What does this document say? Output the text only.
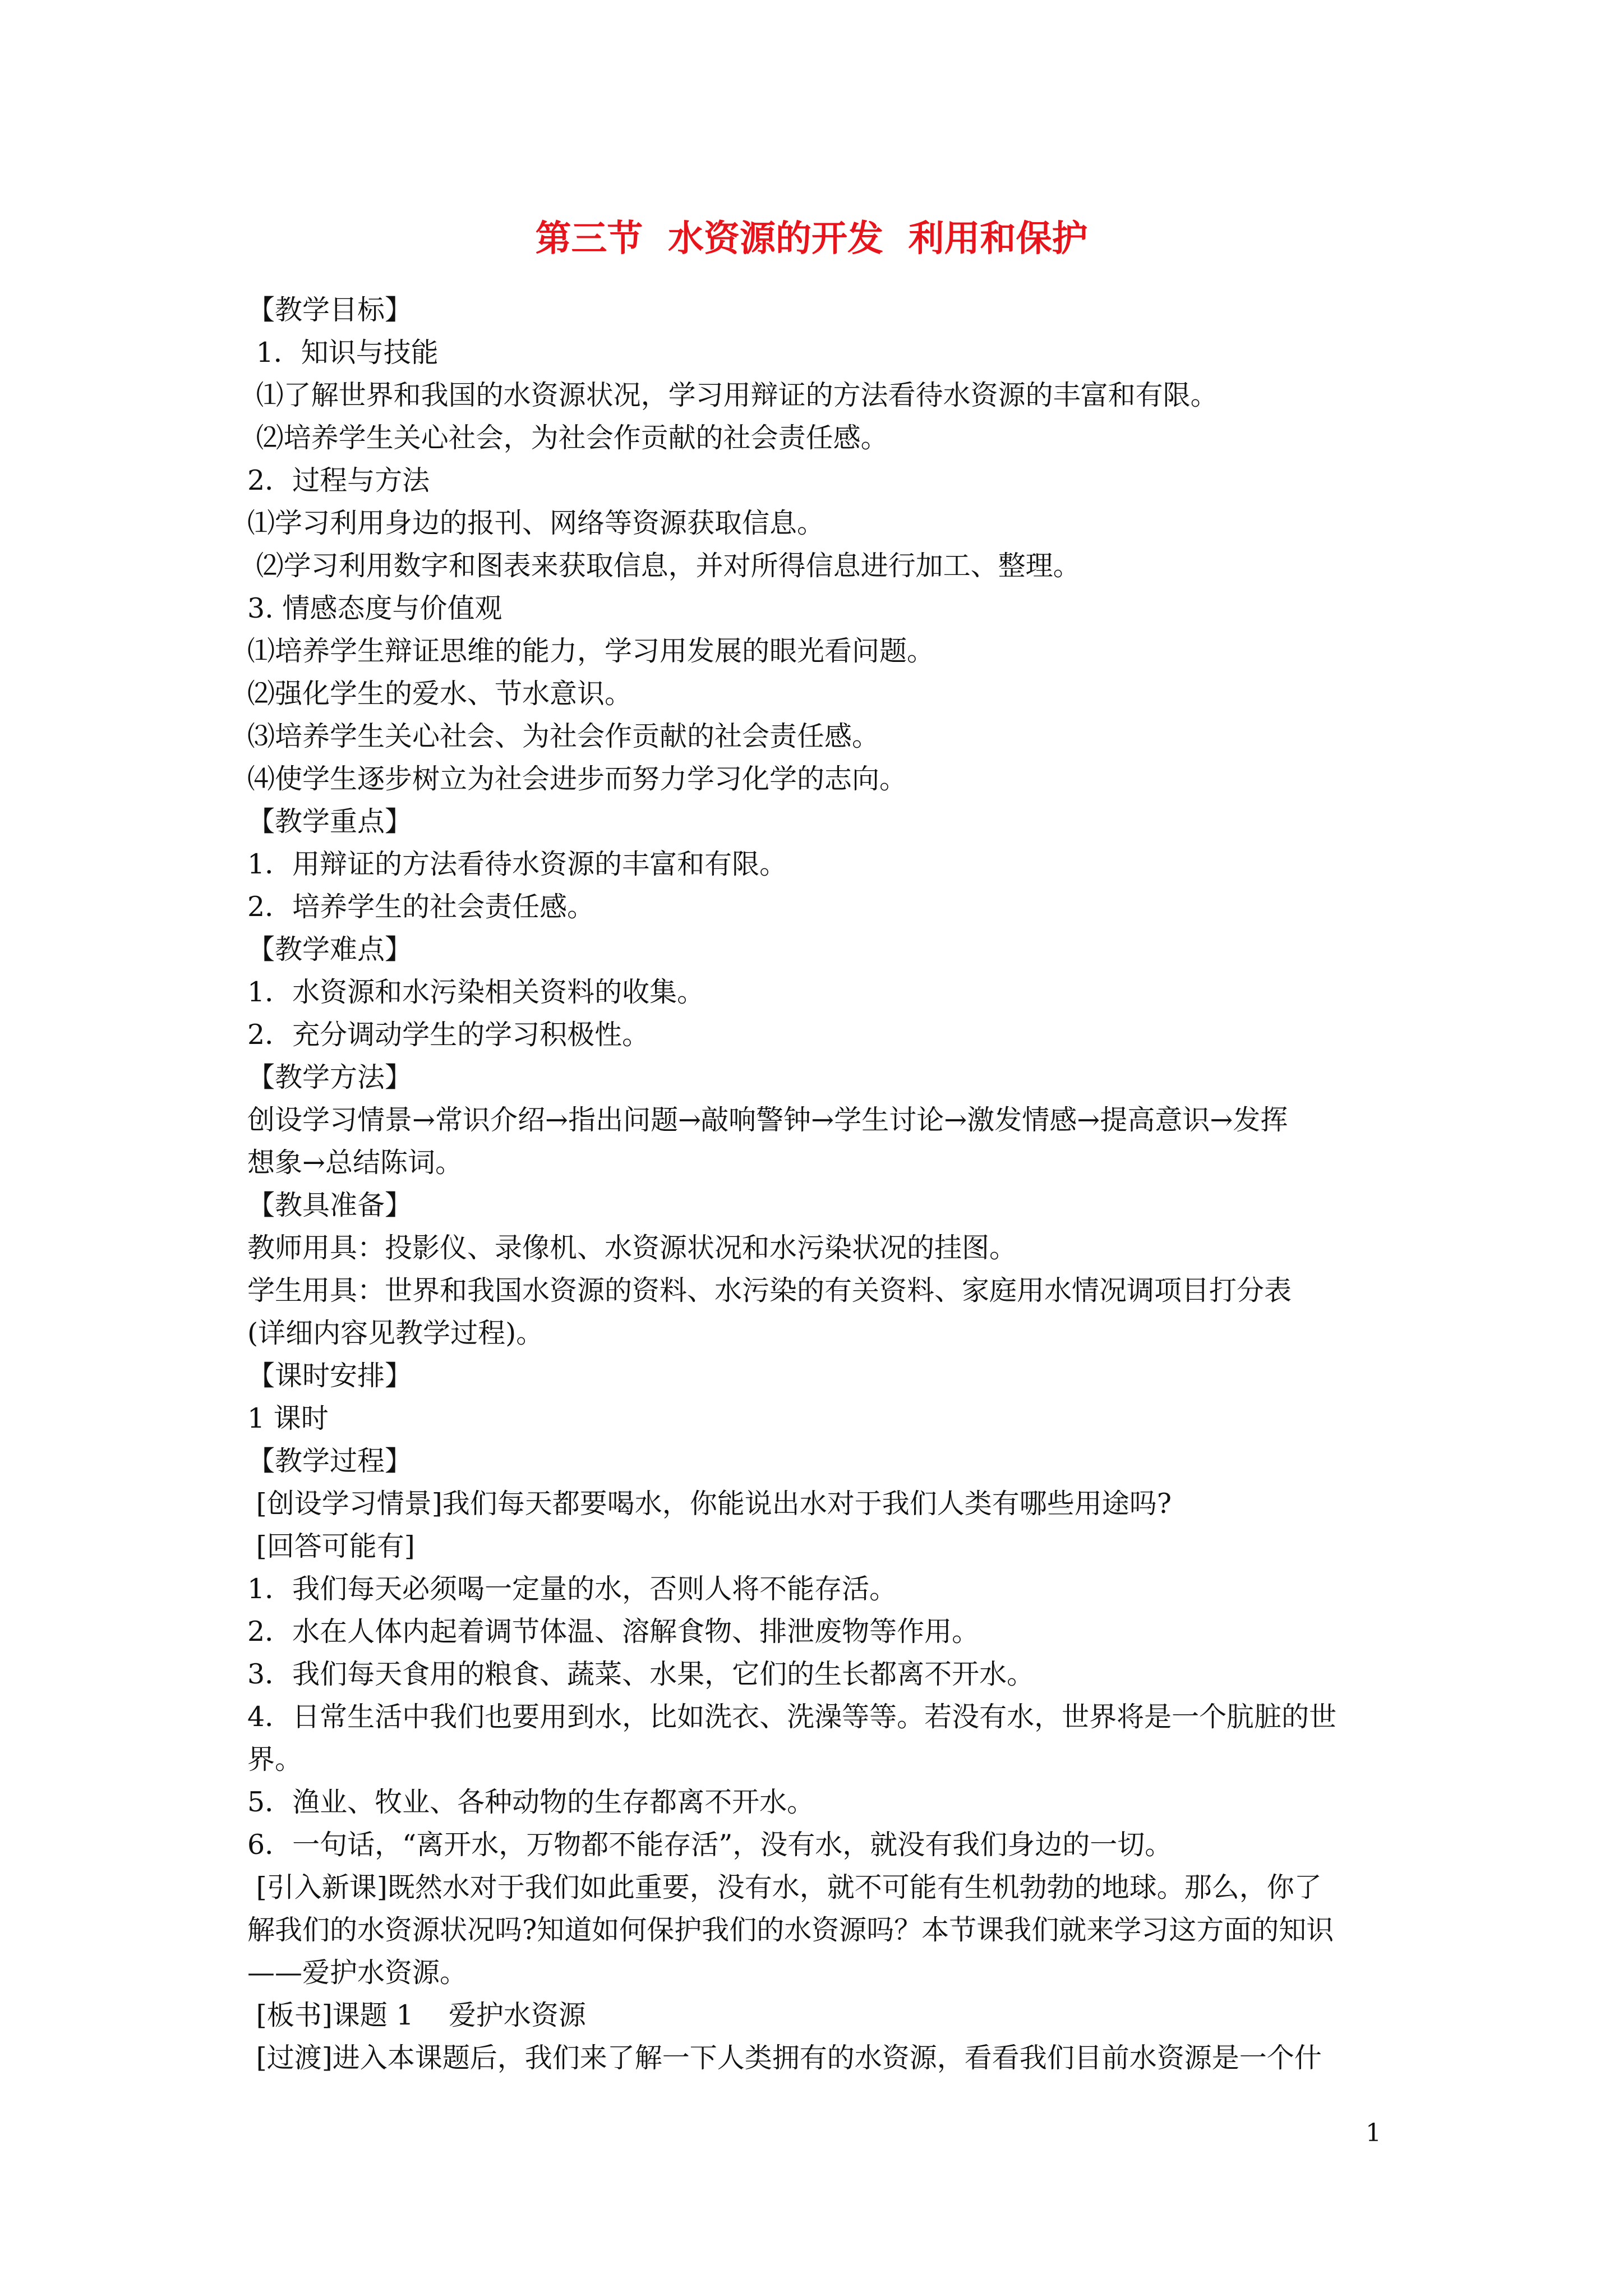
第三节  水资源的开发  利用和保护
【教学目标】
1．知识与技能
⑴了解世界和我国的水资源状况，学习用辩证的方法看待水资源的丰富和有限。
⑵培养学生关心社会，为社会作贡献的社会责任感。
2．过程与方法
⑴学习利用身边的报刊、网络等资源获取信息。
⑵学习利用数字和图表来获取信息，并对所得信息进行加工、整理。
3. 情感态度与价值观
⑴培养学生辩证思维的能力，学习用发展的眼光看问题。
⑵强化学生的爱水、节水意识。
⑶培养学生关心社会、为社会作贡献的社会责任感。
⑷使学生逐步树立为社会进步而努力学习化学的志向。
【教学重点】
1．用辩证的方法看待水资源的丰富和有限。
2．培养学生的社会责任感。
【教学难点】
1．水资源和水污染相关资料的收集。
2．充分调动学生的学习积极性。
【教学方法】
创设学习情景→常识介绍→指出问题→敲响警钟→学生讨论→激发情感→提高意识→发挥
想象→总结陈词。
【教具准备】
教师用具：投影仪、录像机、水资源状况和水污染状况的挂图。
学生用具：世界和我国水资源的资料、水污染的有关资料、家庭用水情况调项目打分表
(详细内容见教学过程)。
【课时安排】
1 课时
【教学过程】
[创设学习情景]我们每天都要喝水，你能说出水对于我们人类有哪些用途吗?
[回答可能有]
1．我们每天必须喝一定量的水，否则人将不能存活。
2．水在人体内起着调节体温、溶解食物、排泄废物等作用。
3．我们每天食用的粮食、蔬菜、水果，它们的生长都离不开水。
4．日常生活中我们也要用到水，比如洗衣、洗澡等等。若没有水，世界将是一个肮脏的世
界。
5．渔业、牧业、各种动物的生存都离不开水。
6．一句话，“离开水，万物都不能存活”，没有水，就没有我们身边的一切。
[引入新课]既然水对于我们如此重要，没有水，就不可能有生机勃勃的地球。那么，你了
解我们的水资源状况吗?知道如何保护我们的水资源吗？本节课我们就来学习这方面的知识
——爱护水资源。
[板书]课题 1    爱护水资源
[过渡]进入本课题后，我们来了解一下人类拥有的水资源，看看我们目前水资源是一个什
1
